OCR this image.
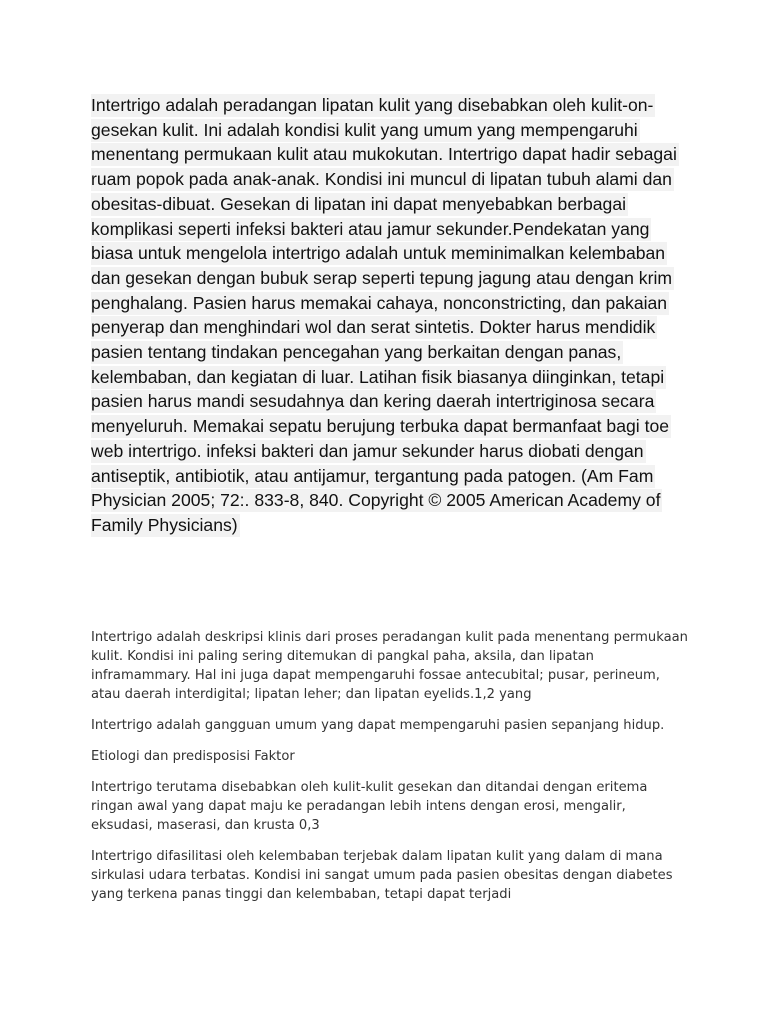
Intertrigo adalah peradangan lipatan kulit yang disebabkan oleh kulit-on-gesekan kulit. Ini adalah kondisi kulit yang umum yang mempengaruhi menentang permukaan kulit atau mukokutan. Intertrigo dapat hadir sebagai ruam popok pada anak-anak. Kondisi ini muncul di lipatan tubuh alami dan obesitas-dibuat. Gesekan di lipatan ini dapat menyebabkan berbagai komplikasi seperti infeksi bakteri atau jamur sekunder.Pendekatan yang biasa untuk mengelola intertrigo adalah untuk meminimalkan kelembaban dan gesekan dengan bubuk serap seperti tepung jagung atau dengan krim penghalang. Pasien harus memakai cahaya, nonconstricting, dan pakaian penyerap dan menghindari wol dan serat sintetis. Dokter harus mendidik pasien tentang tindakan pencegahan yang berkaitan dengan panas, kelembaban, dan kegiatan di luar. Latihan fisik biasanya diinginkan, tetapi pasien harus mandi sesudahnya dan kering daerah intertriginosa secara menyeluruh. Memakai sepatu berujung terbuka dapat bermanfaat bagi toe web intertrigo. infeksi bakteri dan jamur sekunder harus diobati dengan antiseptik, antibiotik, atau antijamur, tergantung pada patogen. (Am Fam Physician 2005; 72:. 833-8, 840. Copyright © 2005 American Academy of Family Physicians)

Intertrigo adalah deskripsi klinis dari proses peradangan kulit pada menentang permukaan kulit. Kondisi ini paling sering ditemukan di pangkal paha, aksila, dan lipatan inframammary. Hal ini juga dapat mempengaruhi fossae antecubital; pusar, perineum, atau daerah interdigital; lipatan leher; dan lipatan eyelids.1,2 yang

Intertrigo adalah gangguan umum yang dapat mempengaruhi pasien sepanjang hidup.

Etiologi dan predisposisi Faktor

Intertrigo terutama disebabkan oleh kulit-kulit gesekan dan ditandai dengan eritema ringan awal yang dapat maju ke peradangan lebih intens dengan erosi, mengalir, eksudasi, maserasi, dan krusta 0,3

Intertrigo difasilitasi oleh kelembaban terjebak dalam lipatan kulit yang dalam di mana sirkulasi udara terbatas. Kondisi ini sangat umum pada pasien obesitas dengan diabetes yang terkena panas tinggi dan kelembaban, tetapi dapat terjadi
